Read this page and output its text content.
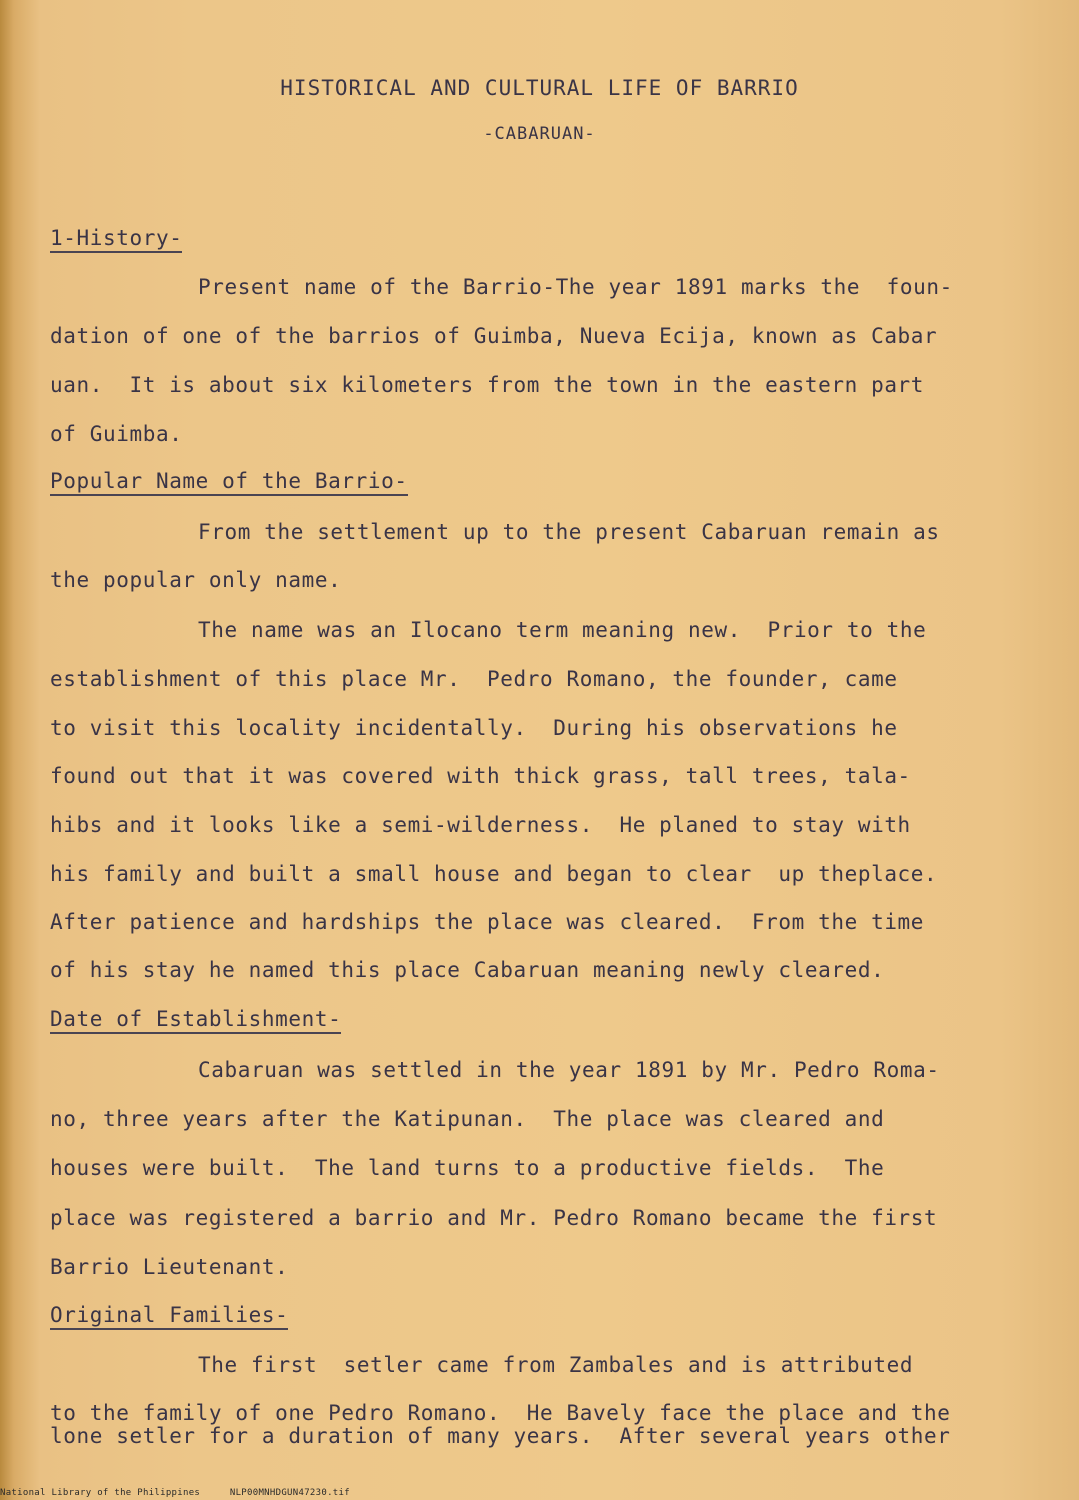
HISTORICAL AND CULTURAL LIFE OF BARRIO
-CABARUAN-
1-History-
Present name of the Barrio-The year 1891 marks the  foun-
dation of one of the barrios of Guimba, Nueva Ecija, known as Cabar
uan.  It is about six kilometers from the town in the eastern part
of Guimba.
Popular Name of the Barrio-
From the settlement up to the present Cabaruan remain as
the popular only name.
The name was an Ilocano term meaning new.  Prior to the
establishment of this place Mr.  Pedro Romano, the founder, came
to visit this locality incidentally.  During his observations he
found out that it was covered with thick grass, tall trees, tala-
hibs and it looks like a semi-wilderness.  He planed to stay with
his family and built a small house and began to clear  up theplace.
After patience and hardships the place was cleared.  From the time
of his stay he named this place Cabaruan meaning newly cleared.
Date of Establishment-
Cabaruan was settled in the year 1891 by Mr. Pedro Roma-
no, three years after the Katipunan.  The place was cleared and
houses were built.  The land turns to a productive fields.  The
place was registered a barrio and Mr. Pedro Romano became the first
Barrio Lieutenant.
Original Families-
The first  setler came from Zambales and is attributed
to the family of one Pedro Romano.  He Bavely face the place and the
lone setler for a duration of many years.  After several years other
National Library of the Philippines	NLP00MNHDGUN47230.tif
